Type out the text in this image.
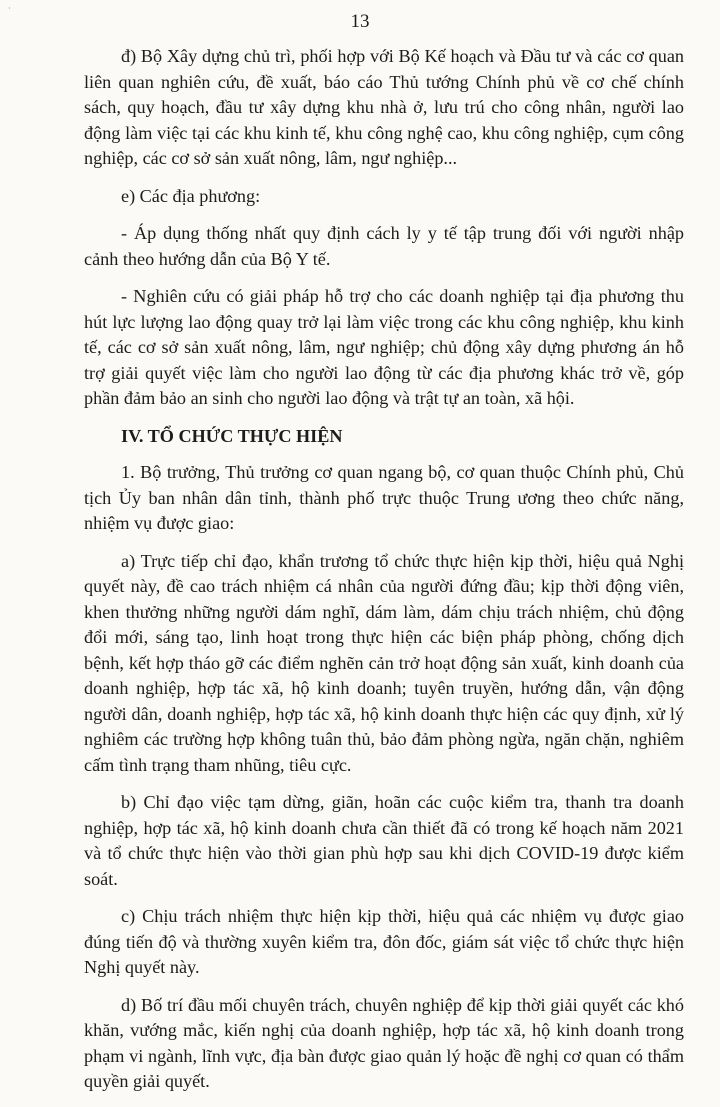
·
13

đ) Bộ Xây dựng chủ trì, phối hợp với Bộ Kế hoạch và Đầu tư và các cơ quan liên quan nghiên cứu, đề xuất, báo cáo Thủ tướng Chính phủ về cơ chế chính sách, quy hoạch, đầu tư xây dựng khu nhà ở, lưu trú cho công nhân, người lao động làm việc tại các khu kinh tế, khu công nghệ cao, khu công nghiệp, cụm công nghiệp, các cơ sở sản xuất nông, lâm, ngư nghiệp...

e) Các địa phương:

- Áp dụng thống nhất quy định cách ly y tế tập trung đối với người nhập cảnh theo hướng dẫn của Bộ Y tế.

- Nghiên cứu có giải pháp hỗ trợ cho các doanh nghiệp tại địa phương thu hút lực lượng lao động quay trở lại làm việc trong các khu công nghiệp, khu kinh tế, các cơ sở sản xuất nông, lâm, ngư nghiệp; chủ động xây dựng phương án hỗ trợ giải quyết việc làm cho người lao động từ các địa phương khác trở về, góp phần đảm bảo an sinh cho người lao động và trật tự an toàn, xã hội.

IV. TỔ CHỨC THỰC HIỆN

1. Bộ trưởng, Thủ trưởng cơ quan ngang bộ, cơ quan thuộc Chính phủ, Chủ tịch Ủy ban nhân dân tỉnh, thành phố trực thuộc Trung ương theo chức năng, nhiệm vụ được giao:

a) Trực tiếp chỉ đạo, khẩn trương tổ chức thực hiện kịp thời, hiệu quả Nghị quyết này, đề cao trách nhiệm cá nhân của người đứng đầu; kịp thời động viên, khen thưởng những người dám nghĩ, dám làm, dám chịu trách nhiệm, chủ động đổi mới, sáng tạo, linh hoạt trong thực hiện các biện pháp phòng, chống dịch bệnh, kết hợp tháo gỡ các điểm nghẽn cản trở hoạt động sản xuất, kinh doanh của doanh nghiệp, hợp tác xã, hộ kinh doanh; tuyên truyền, hướng dẫn, vận động người dân, doanh nghiệp, hợp tác xã, hộ kinh doanh thực hiện các quy định, xử lý nghiêm các trường hợp không tuân thủ, bảo đảm phòng ngừa, ngăn chặn, nghiêm cấm tình trạng tham nhũng, tiêu cực.

b) Chỉ đạo việc tạm dừng, giãn, hoãn các cuộc kiểm tra, thanh tra doanh nghiệp, hợp tác xã, hộ kinh doanh chưa cần thiết đã có trong kế hoạch năm 2021 và tổ chức thực hiện vào thời gian phù hợp sau khi dịch COVID-19 được kiểm soát.

c) Chịu trách nhiệm thực hiện kịp thời, hiệu quả các nhiệm vụ được giao đúng tiến độ và thường xuyên kiểm tra, đôn đốc, giám sát việc tổ chức thực hiện Nghị quyết này.

d) Bố trí đầu mối chuyên trách, chuyên nghiệp để kịp thời giải quyết các khó khăn, vướng mắc, kiến nghị của doanh nghiệp, hợp tác xã, hộ kinh doanh trong phạm vi ngành, lĩnh vực, địa bàn được giao quản lý hoặc đề nghị cơ quan có thẩm quyền giải quyết.
